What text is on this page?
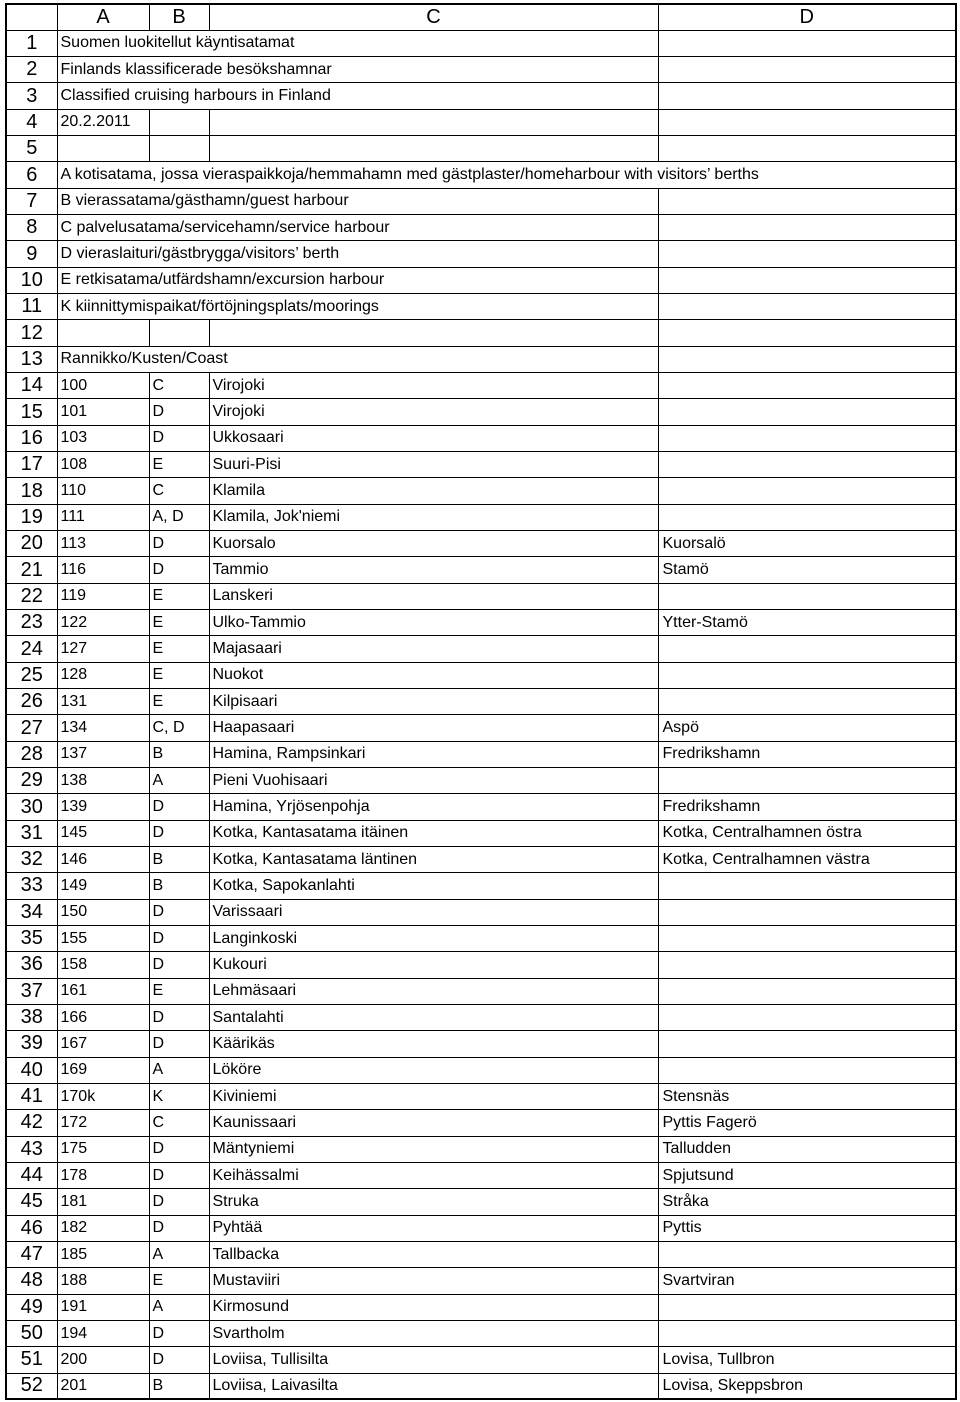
	A	B	C	D
1	Suomen luokitellut käyntisatamat			
2	Finlands klassificerade besökshamnar			
3	Classified cruising harbours in Finland			
4	20.2.2011			
5				
6	A kotisatama, jossa vieraspaikkoja/hemmahamn med gästplaster/homeharbour with visitors’ berths			
7	B vierassatama/gästhamn/guest harbour			
8	C palvelusatama/servicehamn/service harbour			
9	D vieraslaituri/gästbrygga/visitors’ berth			
10	E retkisatama/utfärdshamn/excursion harbour			
11	K kiinnittymispaikat/förtöjningsplats/moorings			
12				
13	Rannikko/Kusten/Coast			
14	100	C	Virojoki	
15	101	D	Virojoki	
16	103	D	Ukkosaari	
17	108	E	Suuri-Pisi	
18	110	C	Klamila	
19	111	A, D	Klamila, Jok'niemi	
20	113	D	Kuorsalo	Kuorsalö
21	116	D	Tammio	Stamö
22	119	E	Lanskeri	
23	122	E	Ulko-Tammio	Ytter-Stamö
24	127	E	Majasaari	
25	128	E	Nuokot	
26	131	E	Kilpisaari	
27	134	C, D	Haapasaari	Aspö
28	137	B	Hamina, Rampsinkari	Fredrikshamn
29	138	A	Pieni Vuohisaari	
30	139	D	Hamina, Yrjösenpohja	Fredrikshamn
31	145	D	Kotka, Kantasatama itäinen	Kotka, Centralhamnen östra
32	146	B	Kotka, Kantasatama läntinen	Kotka, Centralhamnen västra
33	149	B	Kotka, Sapokanlahti	
34	150	D	Varissaari	
35	155	D	Langinkoski	
36	158	D	Kukouri	
37	161	E	Lehmäsaari	
38	166	D	Santalahti	
39	167	D	Käärikäs	
40	169	A	Lököre	
41	170k	K	Kiviniemi	Stensnäs
42	172	C	Kaunissaari	Pyttis Fagerö
43	175	D	Mäntyniemi	Talludden
44	178	D	Keihässalmi	Spjutsund
45	181	D	Struka	Stråka
46	182	D	Pyhtää	Pyttis
47	185	A	Tallbacka	
48	188	E	Mustaviiri	Svartviran
49	191	A	Kirmosund	
50	194	D	Svartholm	
51	200	D	Loviisa, Tullisilta	Lovisa, Tullbron
52	201	B	Loviisa, Laivasilta	Lovisa, Skeppsbron
